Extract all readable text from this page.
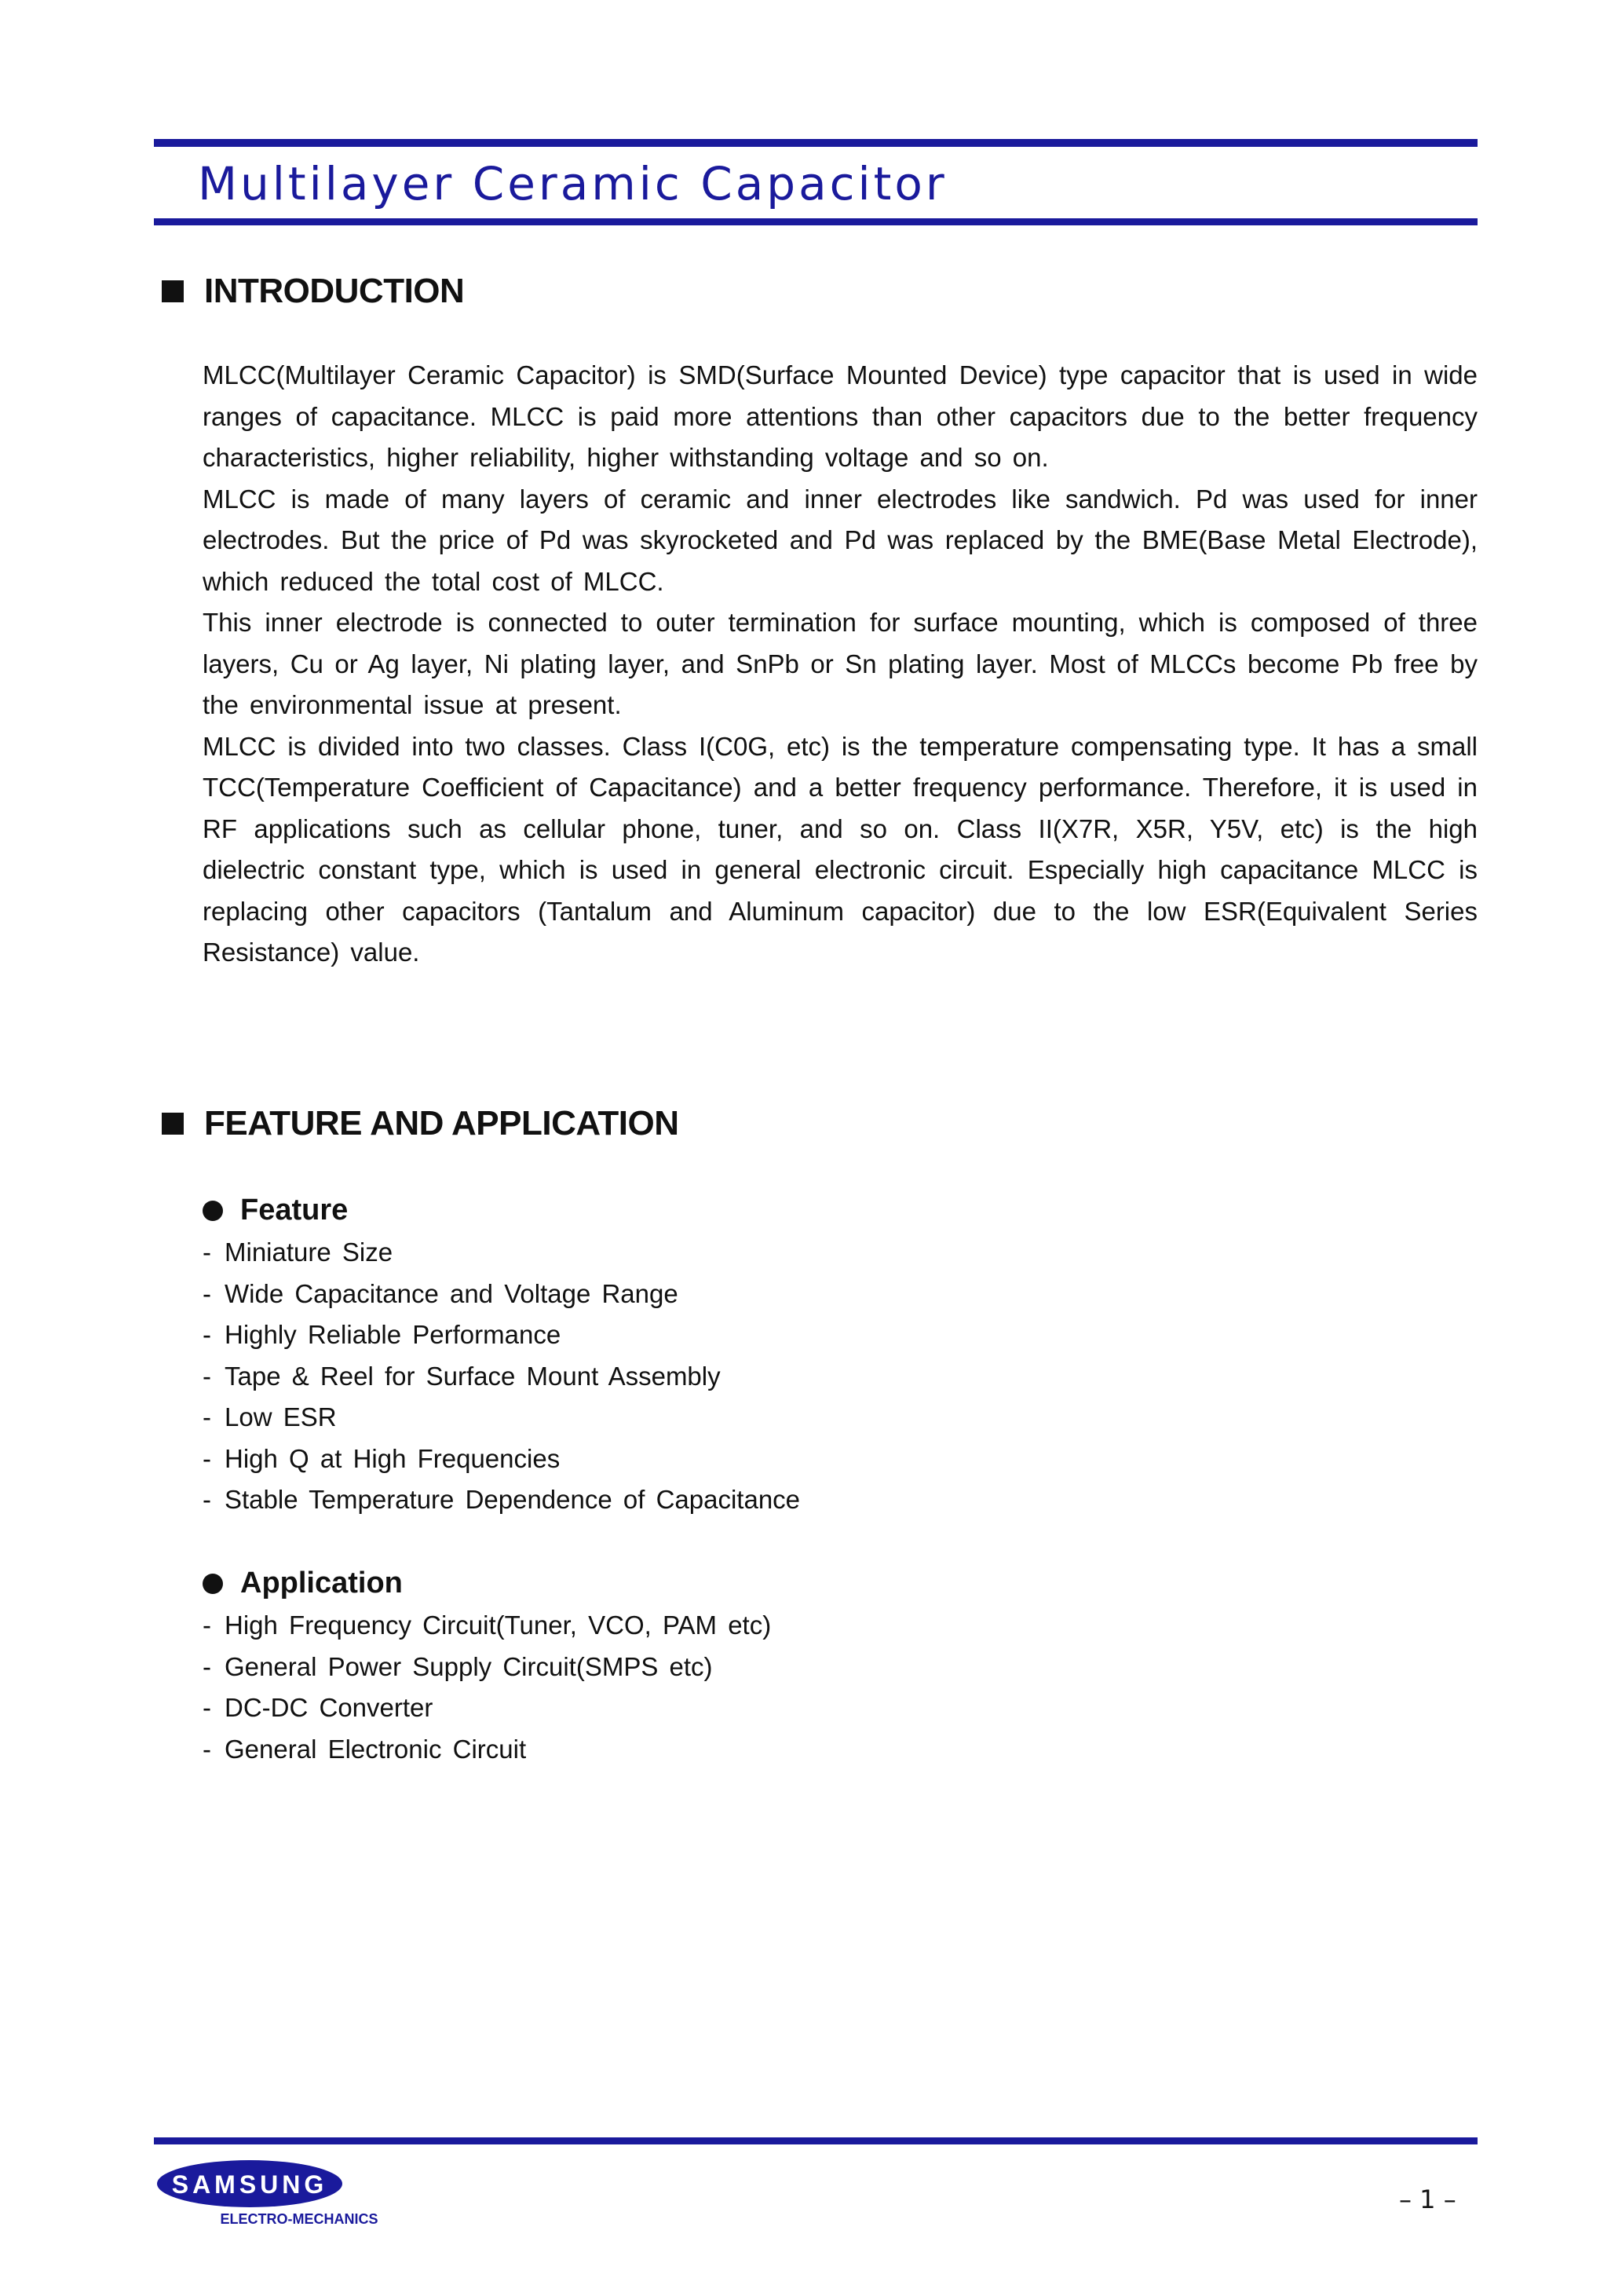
Multilayer Ceramic Capacitor
INTRODUCTION

MLCC(Multilayer Ceramic Capacitor) is SMD(Surface Mounted Device) type capacitor that is used in wide ranges of capacitance. MLCC is paid more attentions than other capacitors due to the better frequency characteristics, higher reliability, higher withstanding voltage and so on.

MLCC is made of many layers of ceramic and inner electrodes like sandwich. Pd was used for inner electrodes. But the price of Pd was skyrocketed and Pd was replaced by the BME(Base Metal Electrode), which reduced the total cost of MLCC.

This inner electrode is connected to outer termination for surface mounting, which is composed of three layers, Cu or Ag layer, Ni plating layer, and SnPb or Sn plating layer. Most of MLCCs become Pb free by the environmental issue at present.

MLCC is divided into two classes. Class I(C0G, etc) is the temperature compensating type. It has a small TCC(Temperature Coefficient of Capacitance) and a better frequency performance. Therefore, it is used in RF applications such as cellular phone, tuner, and so on. Class II(X7R, X5R, Y5V, etc) is the high dielectric constant type, which is used in general electronic circuit. Especially high capacitance MLCC is replacing other capacitors (Tantalum and Aluminum capacitor) due to the low ESR(Equivalent Series Resistance) value.

FEATURE AND APPLICATION
Feature
- Miniature Size
- Wide Capacitance and Voltage Range
- Highly Reliable Performance
- Tape & Reel for Surface Mount Assembly
- Low ESR
- High Q at High Frequencies
- Stable Temperature Dependence of Capacitance
Application
- High Frequency Circuit(Tuner, VCO, PAM etc)
- General Power Supply Circuit(SMPS etc)
- DC-DC Converter
- General Electronic Circuit
SAMSUNG
ELECTRO-MECHANICS
– 1 –
